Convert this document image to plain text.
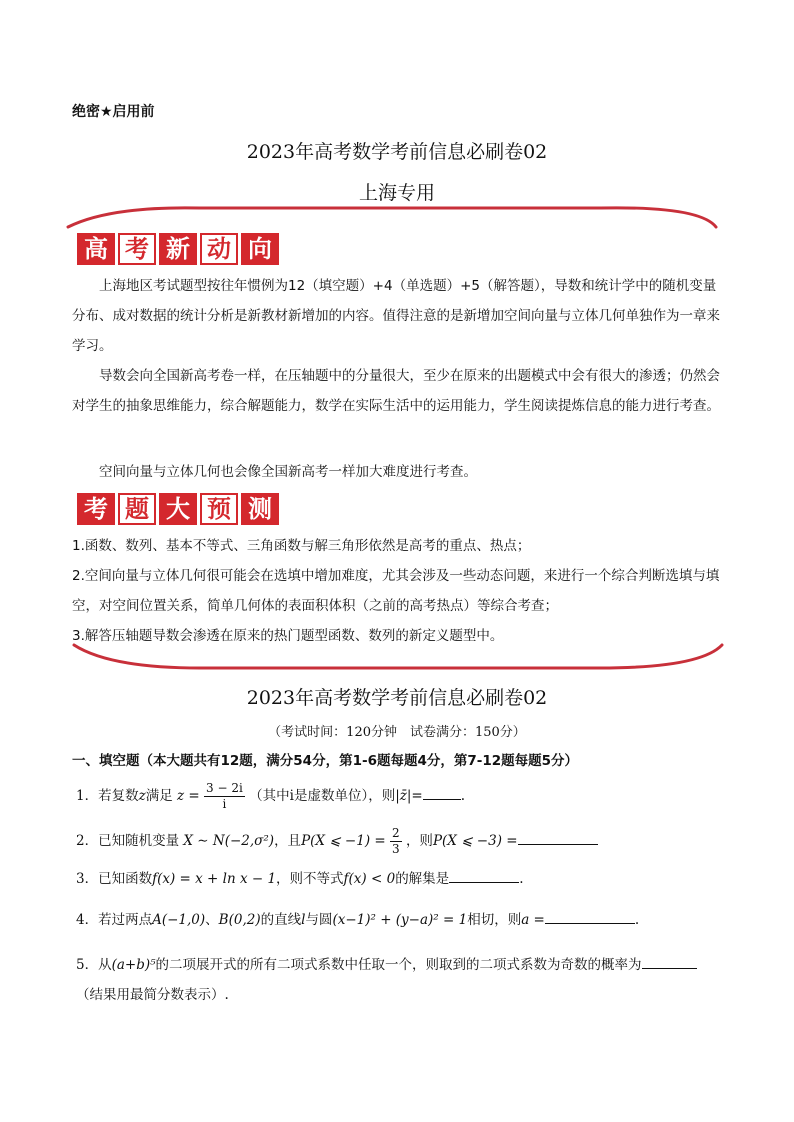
绝密★启用前
2023年高考数学考前信息必刷卷02
上海专用
高 考 新 动 向
上海地区考试题型按往年惯例为12（填空题）+4（单选题）+5（解答题），导数和统计学中的随机变量分布、成对数据的统计分析是新教材新增加的内容。值得注意的是新增加空间向量与立体几何单独作为一章来学习。
导数会向全国新高考卷一样，在压轴题中的分量很大，至少在原来的出题模式中会有很大的渗透；仍然会对学生的抽象思维能力，综合解题能力，数学在实际生活中的运用能力，学生阅读提炼信息的能力进行考查。
空间向量与立体几何也会像全国新高考一样加大难度进行考查。
考 题 大 预 测
1.函数、数列、基本不等式、三角函数与解三角形依然是高考的重点、热点；
2.空间向量与立体几何很可能会在选填中增加难度，尤其会涉及一些动态问题，来进行一个综合判断选填与填空，对空间位置关系，简单几何体的表面积体积（之前的高考热点）等综合考查；
3.解答压轴题导数会渗透在原来的热门题型函数、数列的新定义题型中。
2023年高考数学考前信息必刷卷02
（考试时间：120分钟　试卷满分：150分）
一、填空题（本大题共有12题，满分54分，第1-6题每题4分，第7-12题每题5分）
1．若复数z满足 $z = \frac{3 - 2i}{i}$ （其中i是虚数单位），则|z̄|=	.
2．已知随机变量 X ∼ N(−2,σ²)，且P(X ⩽ $-1) = \frac{2}{3}$ ，则P(X ⩽ −3) =
3．已知函数f(x) = x + ln x − 1，则不等式f(x) < 0的解集是	.
4．若过两点A(−1,0)、B(0,2)的直线l与圆(x−1)² + (y−a)² = 1相切，则a =	.
5．从(a+b)⁵的二项展开式的所有二项式系数中任取一个，则取到的二项式系数为奇数的概率为
（结果用最简分数表示）.
